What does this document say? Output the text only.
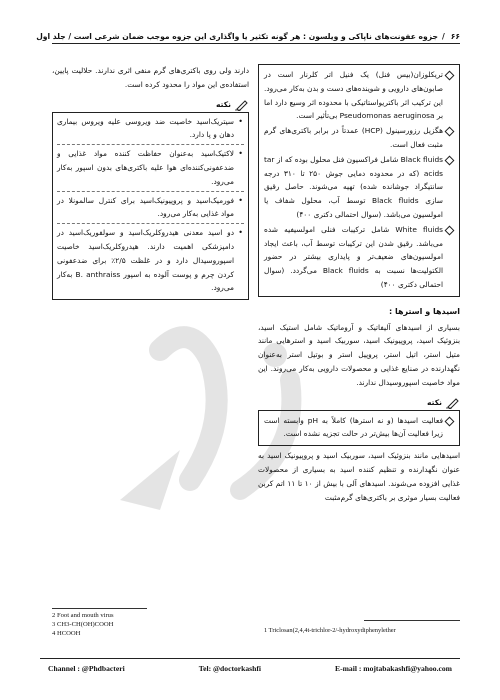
۶۶
/
جزوه عفونت‌های ناپاکی و ویلسون : هر گونه تکثیر یا واگذاری این جزوه موجب ضمان شرعی است / جلد اول

تریکلوزان(بیس فنل) یک فنیل اتر کلرنار است در صابون‌های دارویی و شوینده‌های دست و بدن به‌کار می‌رود. این ترکیب اثر باکتریواستاتیکی با محدوده اثر وسیع دارد اما بر Pseudomonas aeruginosa بی‌تأثیر است.

هگزیل رزورسینول (HCP) عمدتاً در برابر باکتری‌های گرم مثبت فعال است.

Black fluids شامل فراکسیون فنل محلول بوده که از tar acids (که در محدوده دمایی جوش ۲۵۰ تا ۳۱۰ درجه سانتیگراد جوشانده شده) تهیه می‌شوند. حاصل رقیق سازی Black fluids توسط آب، محلول شفاف یا امولسیون می‌باشد. (سوال احتمالی دکتری ۴۰۰)

White fluids شامل ترکیبات فنلی امولسیفیه شده می‌باشد. رقیق شدن این ترکیبات توسط آب، باعث ایجاد امولسیون‌های ضعیف‌تر و پایداری بیشتر در حضور الکتولیت‌ها نسبت به Black fluids می‌گردد. (سوال احتمالی دکتری ۴۰۰)

اسیدها و استرها :

بسیاری از اسیدهای آلیفاتیک و آروماتیک شامل استیک اسید، بنزوئیک اسید، پروپیونیک اسید، سوربیک اسید و استرهایی مانند متیل استر، اتیل استر، پروپیل استر و بوتیل استر به‌عنوان نگهدارنده در صنایع غذایی و محصولات دارویی به‌کار می‌روند. این مواد خاصیت اسپوروسیدال ندارند.

نکته

فعالیت اسیدها (و نه استرها) کاملاً به pH وابسته است زیرا فعالیت آن‌ها بیش‌تر در حالت تجزیه نشده است.

اسیدهایی مانند بنزوئیک اسید، سوربیک اسید و پروپیونیک اسید به عنوان نگهدارنده و تنظیم کننده اسید به بسیاری از محصولات غذایی افزوده می‌شوند. اسیدهای آلی با بیش از ۱۰ تا ۱۱ اتم کربن فعالیت بسیار موثری بر باکتری‌های گرم‌مثبت

دارند ولی روی باکتری‌های گرم منفی اثری ندارند. حلالیت پایین، استفاده‌ی این مواد را محدود کرده است.

نکته

• سیتریک‌اسید خاصیت ضد ویروسی علیه ویروس بیماری دهان و پا دارد.

• لاکتیک‌اسید به‌عنوان حفاظت کننده مواد غذایی و ضدعفونی‌کننده‌ای هوا علیه باکتری‌های بدون اسپور به‌کار می‌رود.

• فورمیک‌اسید و پروپیونیک‌اسید برای کنترل سالمونلا در مواد غذایی به‌کار می‌رود.

• دو اسید معدنی هیدروکلریک‌اسید و سولفوریک‌اسید در دامپزشکی اهمیت دارند. هیدروکلریک‌اسید خاصیت اسپوروسیدال دارد و در غلظت ۲/۵٪ برای ضدعفونی کردن چرم و پوست آلوده به اسپور B. anthraiss به‌کار می‌رود.

2 Foot and mouth virus
3 CH3-CH(OH)COOH
4 HCOOH	1 Triclosan(2,4,4t-trichlor-2/-hydroxydiphenylether
Channel : @Phdbacteri	Tel: @doctorkashfi	E-mail : mojtabakashfi@yahoo.com
